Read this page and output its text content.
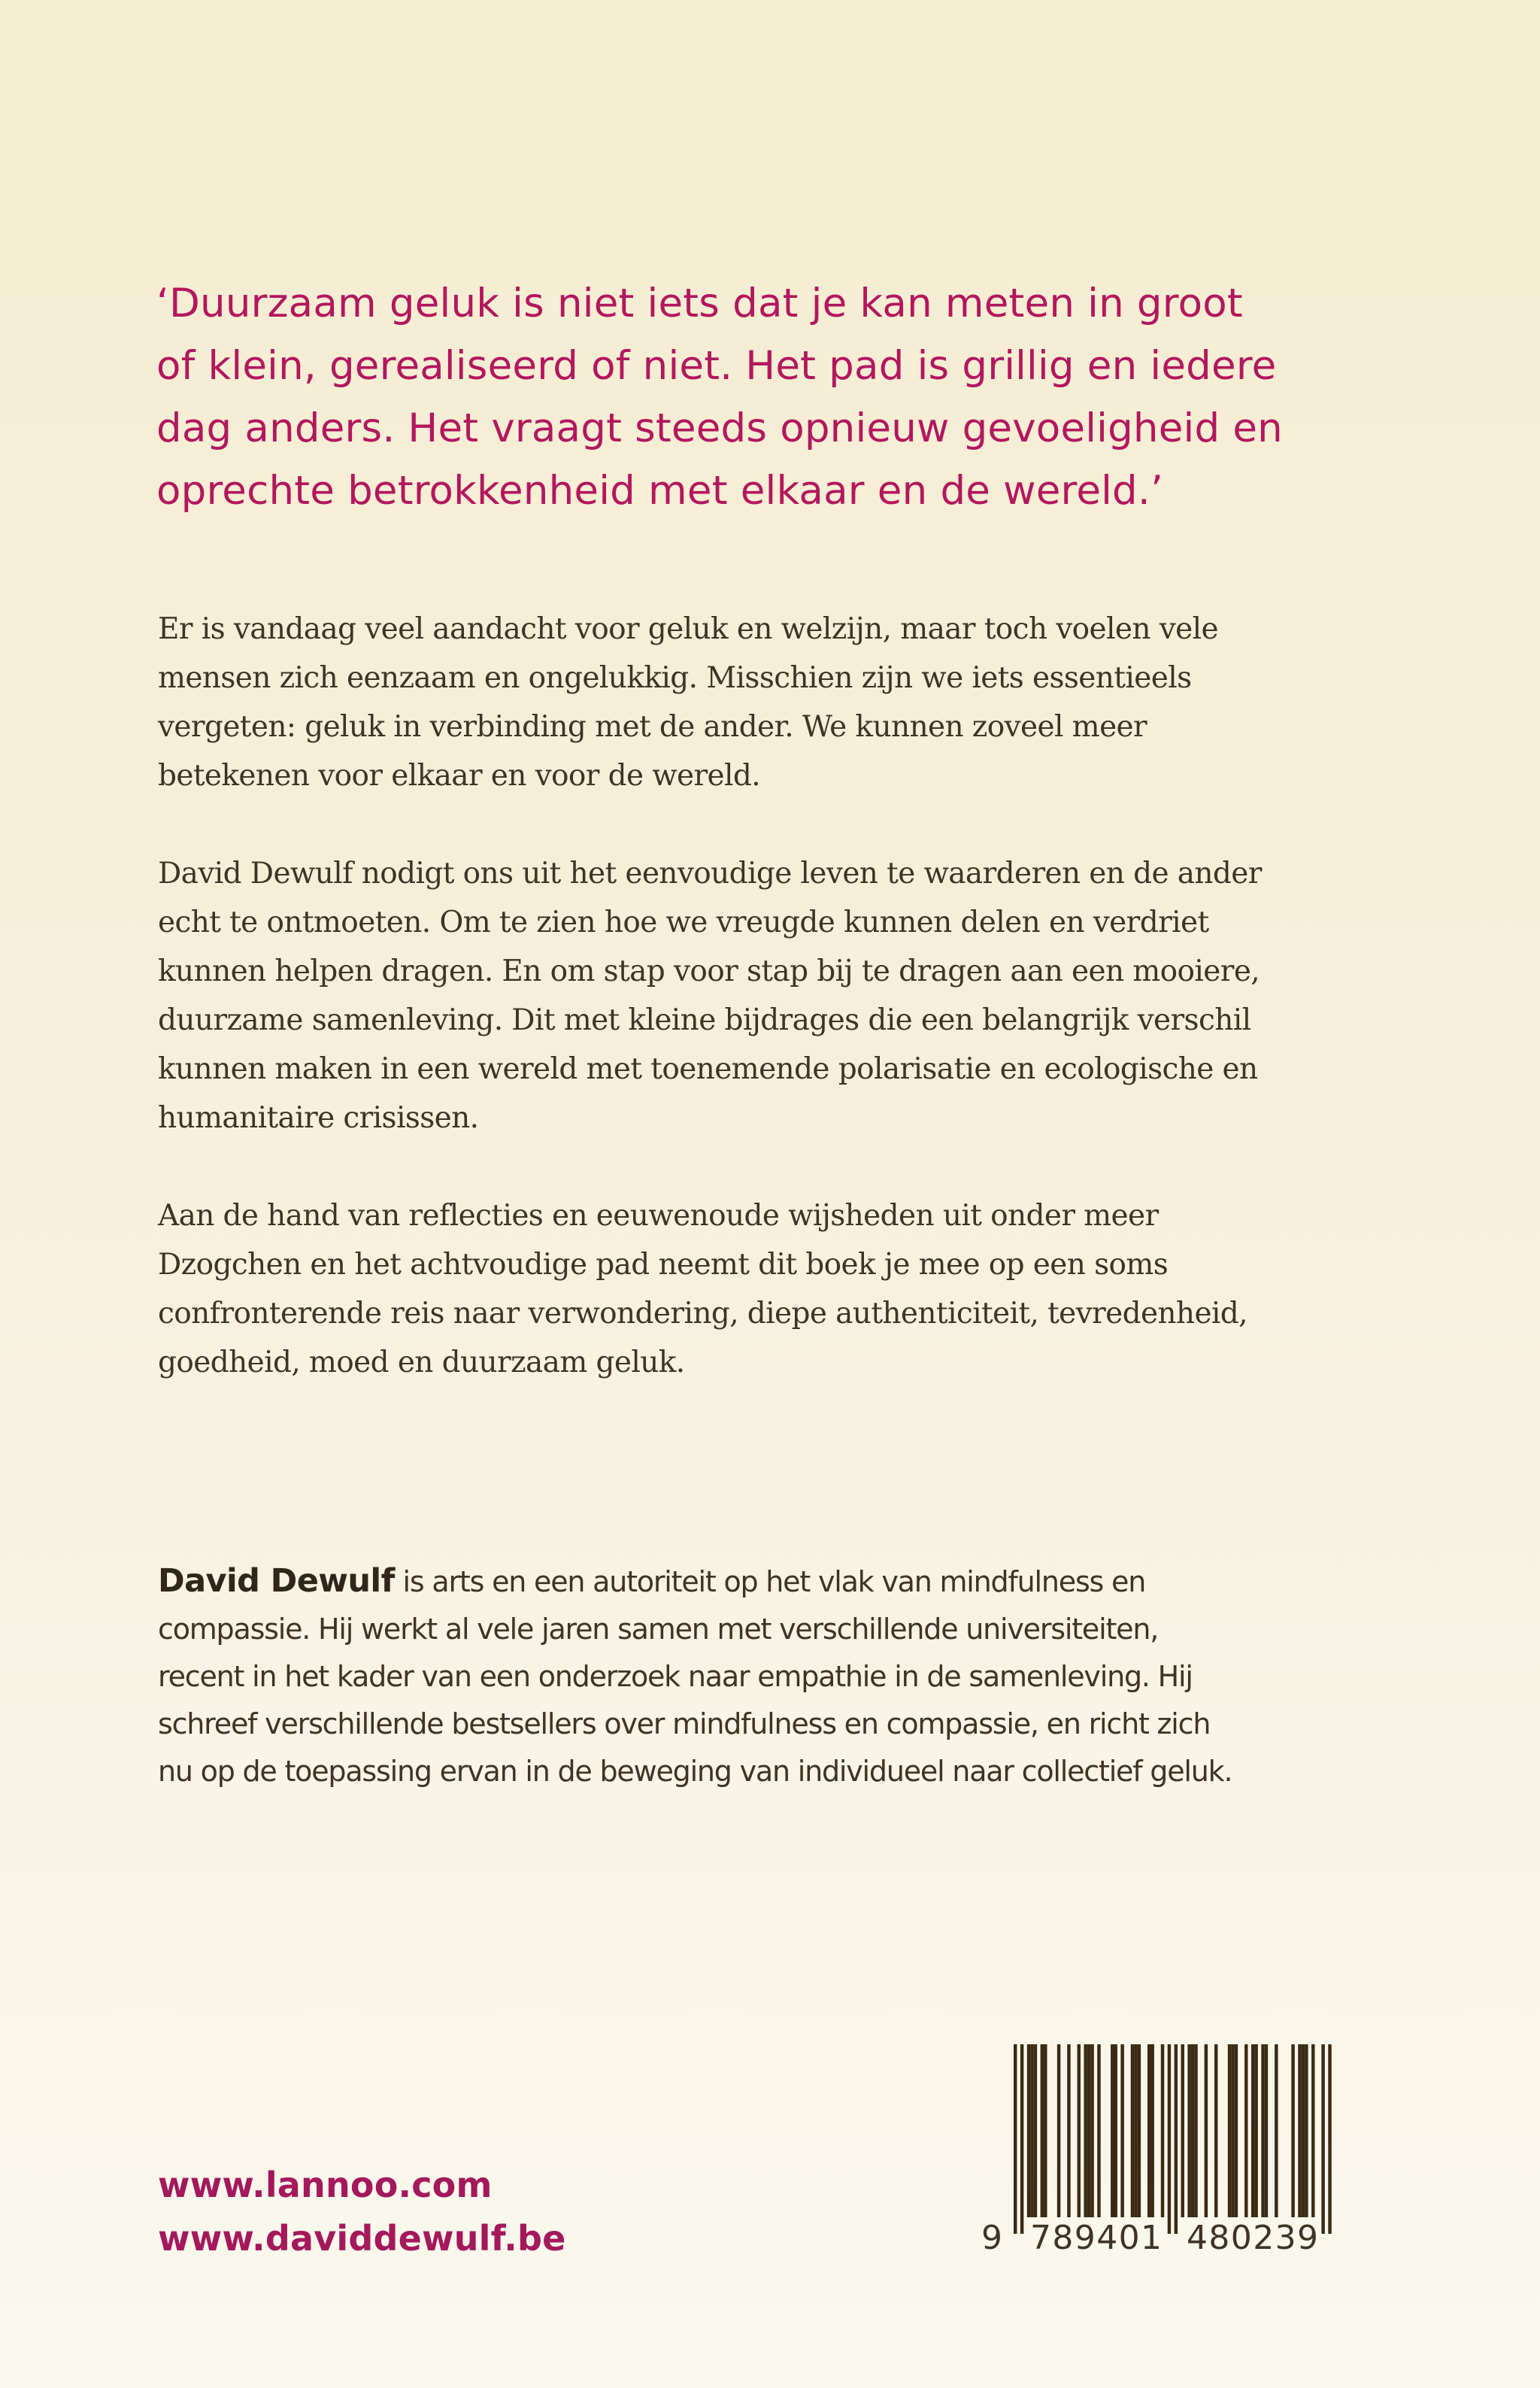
‘Duurzaam geluk is niet iets dat je kan meten in groot
of klein, gerealiseerd of niet. Het pad is grillig en iedere
dag anders. Het vraagt steeds opnieuw gevoeligheid en
oprechte betrokkenheid met elkaar en de wereld.’

Er is vandaag veel aandacht voor geluk en welzijn, maar toch voelen vele
mensen zich eenzaam en ongelukkig. Misschien zijn we iets essentieels
vergeten: geluk in verbinding met de ander. We kunnen zoveel meer
betekenen voor elkaar en voor de wereld.

David Dewulf nodigt ons uit het eenvoudige leven te waarderen en de ander
echt te ontmoeten. Om te zien hoe we vreugde kunnen delen en verdriet
kunnen helpen dragen. En om stap voor stap bij te dragen aan een mooiere,
duurzame samenleving. Dit met kleine bijdrages die een belangrijk verschil
kunnen maken in een wereld met toenemende polarisatie en ecologische en
humanitaire crisissen.

Aan de hand van reflecties en eeuwenoude wijsheden uit onder meer
Dzogchen en het achtvoudige pad neemt dit boek je mee op een soms
confronterende reis naar verwondering, diepe authenticiteit, tevredenheid,
goedheid, moed en duurzaam geluk.

David Dewulf is arts en een autoriteit op het vlak van mindfulness en
compassie. Hij werkt al vele jaren samen met verschillende universiteiten,
recent in het kader van een onderzoek naar empathie in de samenleving. Hij
schreef verschillende bestsellers over mindfulness en compassie, en richt zich
nu op de toepassing ervan in de beweging van individueel naar collectief geluk.

www.lannoo.com
www.daviddewulf.be	9 789401 480239
